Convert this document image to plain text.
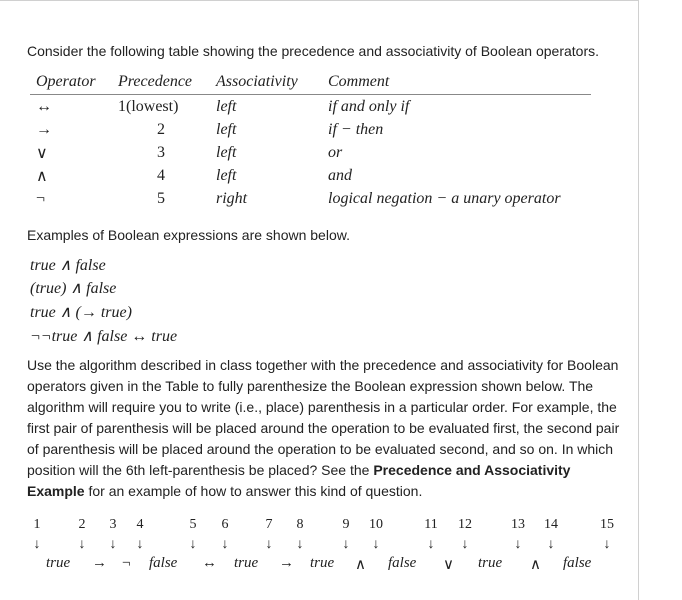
Consider the following table showing the precedence and associativity of Boolean operators.
Operator	Precedence	Associativity	Comment
↔	1(lowest)	left	if and only if
→	2	left	if − then
∨	3	left	or
∧	4	left	and
¬	5	right	logical negation − a unary operator
Examples of Boolean expressions are shown below.
true ∧ false
(true) ∧ false
true ∧ (→ true)
¬¬true ∧ false ↔ true
Use the algorithm described in class together with the precedence and associativity for Boolean operators given in the Table to fully parenthesize the Boolean expression shown below. The algorithm will require you to write (i.e., place) parenthesis in a particular order. For example, the first pair of parenthesis will be placed around the operation to be evaluated first, the second pair of parenthesis will be placed around the operation to be evaluated second, and so on. In which position will the 6th left-parenthesis be placed? See the Precedence and Associativity Example for an example of how to answer this kind of question.
1	2	3	4	5	6	7	8	9	10	11 12	13 14	15
↓	↓	↓	↓	↓	↓	↓	↓	↓	↓	↓	↓	↓	↓	↓
true → ¬ false ↔ true → true ∧ false ∨ true ∧ false
